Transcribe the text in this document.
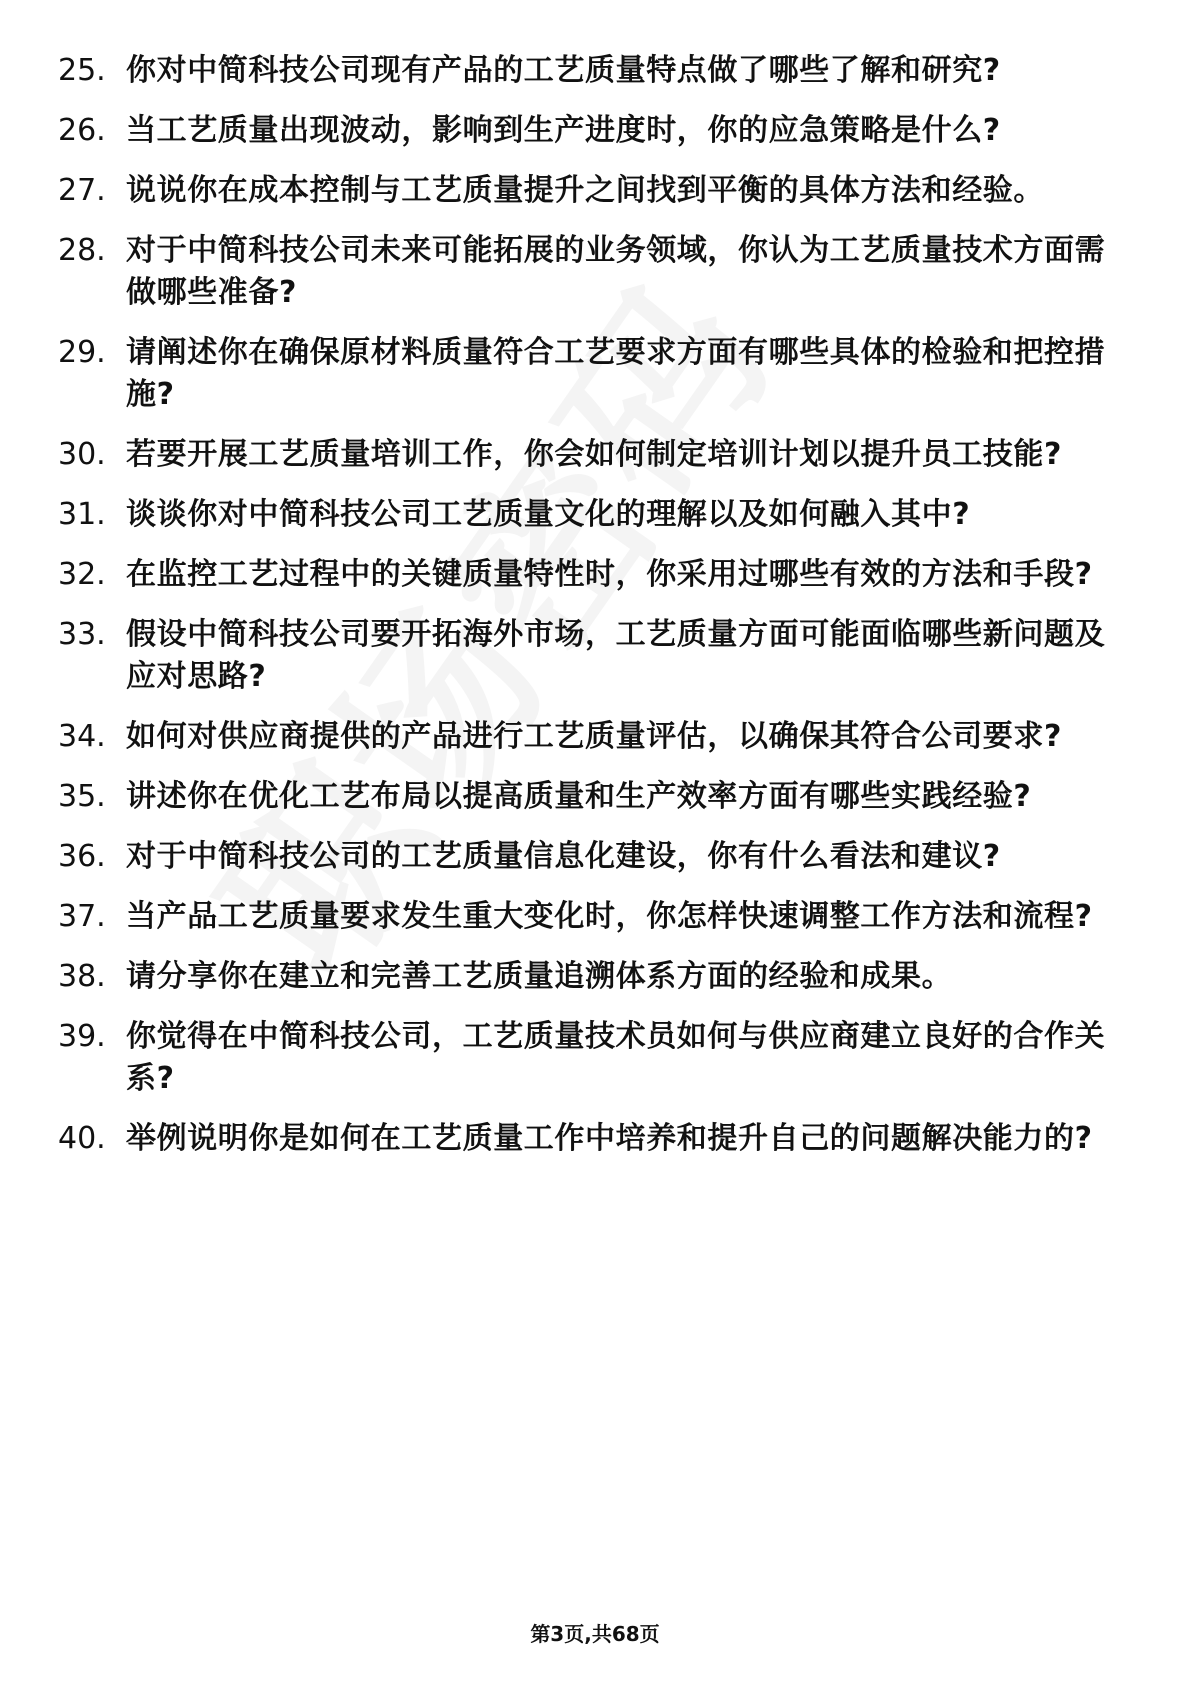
25. 你对中简科技公司现有产品的工艺质量特点做了哪些了解和研究?
26. 当工艺质量出现波动，影响到生产进度时，你的应急策略是什么?
27. 说说你在成本控制与工艺质量提升之间找到平衡的具体方法和经验。
28. 对于中简科技公司未来可能拓展的业务领域，你认为工艺质量技术方面需做哪些准备?
29. 请阐述你在确保原材料质量符合工艺要求方面有哪些具体的检验和把控措施?
30. 若要开展工艺质量培训工作，你会如何制定培训计划以提升员工技能?
31. 谈谈你对中简科技公司工艺质量文化的理解以及如何融入其中?
32. 在监控工艺过程中的关键质量特性时，你采用过哪些有效的方法和手段?
33. 假设中简科技公司要开拓海外市场，工艺质量方面可能面临哪些新问题及应对思路?
34. 如何对供应商提供的产品进行工艺质量评估，以确保其符合公司要求?
35. 讲述你在优化工艺布局以提高质量和生产效率方面有哪些实践经验?
36. 对于中简科技公司的工艺质量信息化建设，你有什么看法和建议?
37. 当产品工艺质量要求发生重大变化时，你怎样快速调整工作方法和流程?
38. 请分享你在建立和完善工艺质量追溯体系方面的经验和成果。
39. 你觉得在中简科技公司，工艺质量技术员如何与供应商建立良好的合作关系?
40. 举例说明你是如何在工艺质量工作中培养和提升自己的问题解决能力的?
第3页,共68页
